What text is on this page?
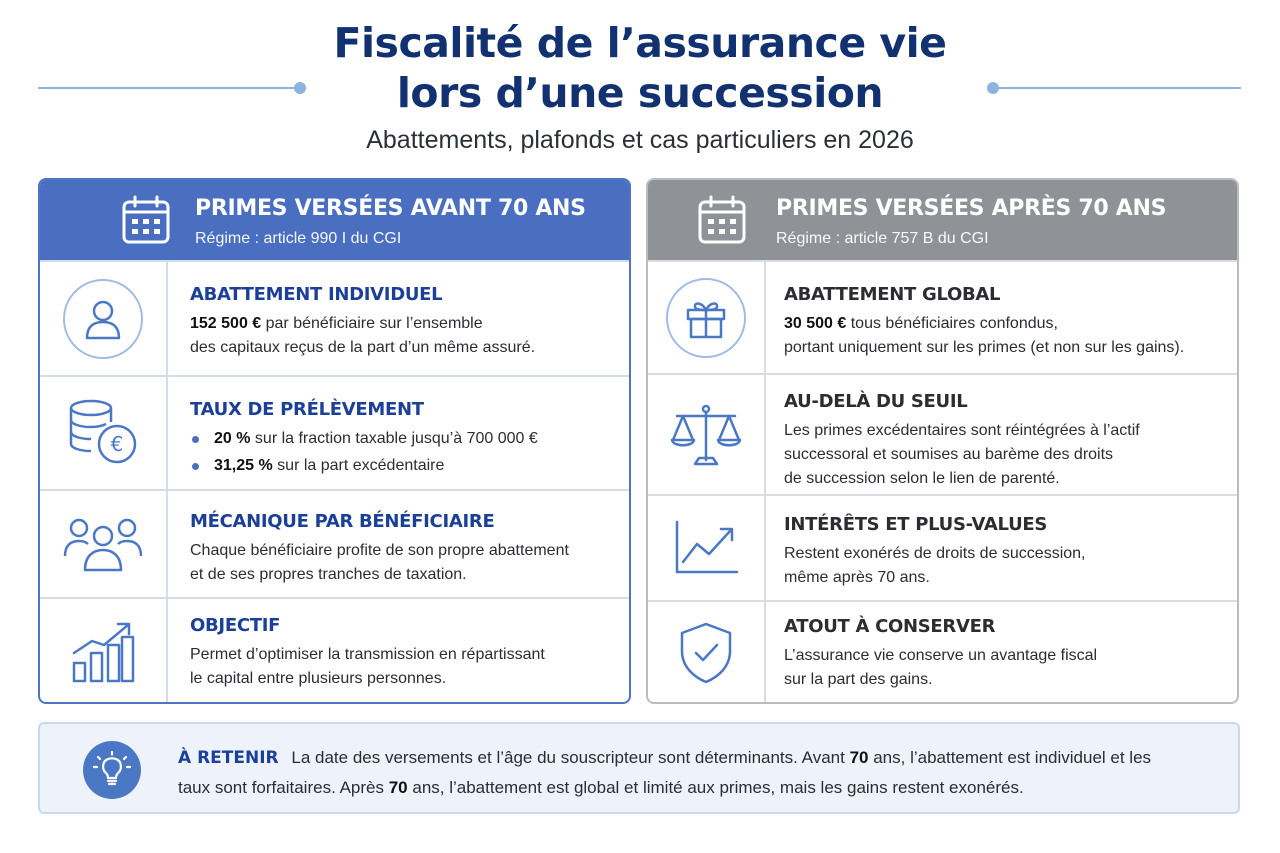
Fiscalité de l’assurance vie
lors d’une succession
Abattements, plafonds et cas particuliers en 2026
PRIMES VERSÉES AVANT 70 ANS
Régime : article 990 I du CGI
ABATTEMENT INDIVIDUEL
152 500 € par bénéficiaire sur l’ensemble
des capitaux reçus de la part d’un même assuré.
€
TAUX DE PRÉLÈVEMENT
20 % sur la fraction taxable jusqu’à 700 000 €
31,25 % sur la part excédentaire
MÉCANIQUE PAR BÉNÉFICIAIRE
Chaque bénéficiaire profite de son propre abattement
et de ses propres tranches de taxation.
OBJECTIF
Permet d’optimiser la transmission en répartissant
le capital entre plusieurs personnes.
PRIMES VERSÉES APRÈS 70 ANS
Régime : article 757 B du CGI
ABATTEMENT GLOBAL
30 500 € tous bénéficiaires confondus,
portant uniquement sur les primes (et non sur les gains).
AU-DELÀ DU SEUIL
Les primes excédentaires sont réintégrées à l’actif
successoral et soumises au barème des droits
de succession selon le lien de parenté.
INTÉRÊTS ET PLUS-VALUES
Restent exonérés de droits de succession,
même après 70 ans.
ATOUT À CONSERVER
L’assurance vie conserve un avantage fiscal
sur la part des gains.
À RETENIR La date des versements et l’âge du souscripteur sont déterminants. Avant 70 ans, l’abattement est individuel et les taux sont forfaitaires. Après 70 ans, l’abattement est global et limité aux primes, mais les gains restent exonérés.
